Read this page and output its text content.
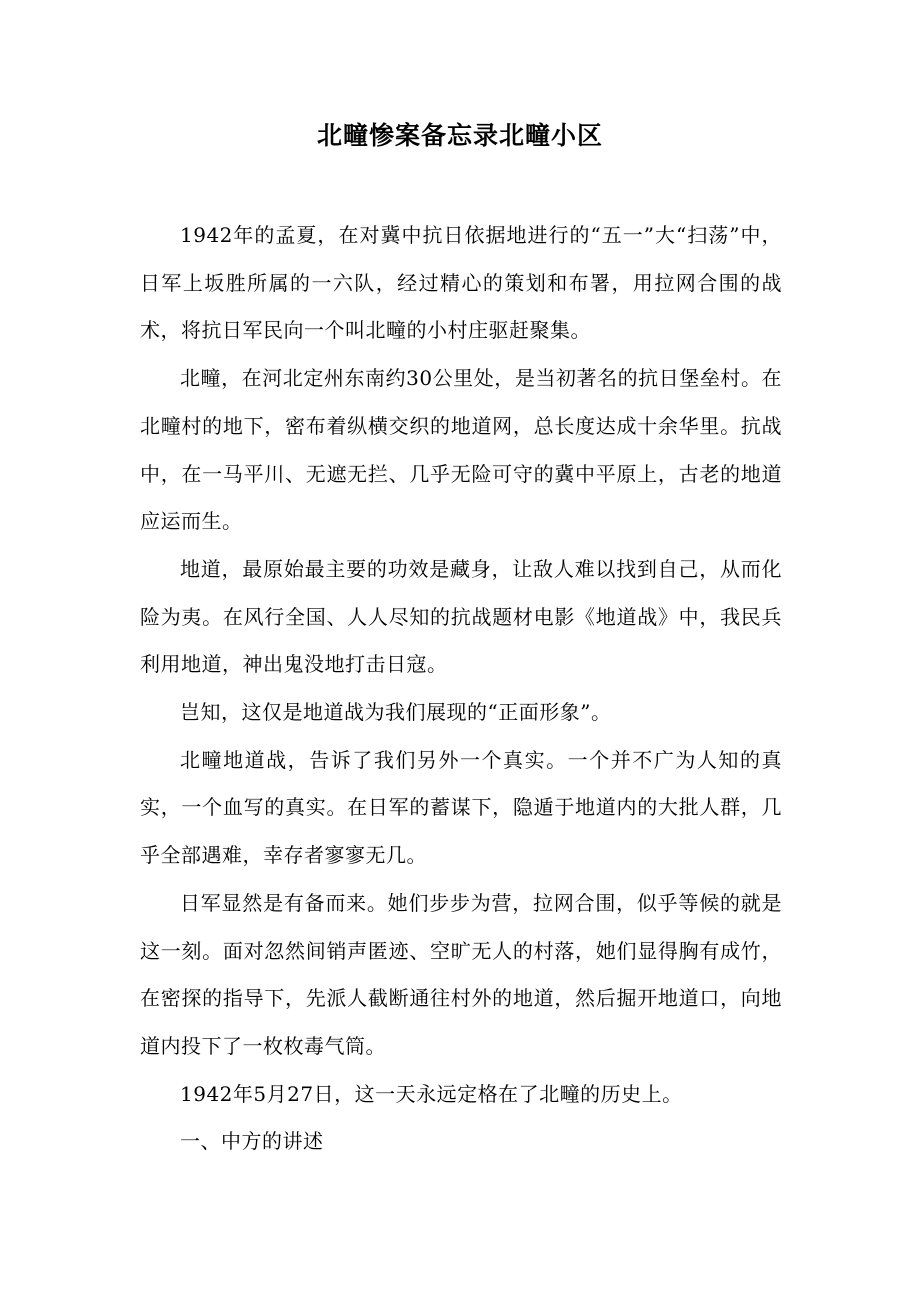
北疃惨案备忘录北疃小区

1942年的孟夏，在对冀中抗日依据地进行的“五一”大“扫荡”中，日军上坂胜所属的一六队，经过精心的策划和布署，用拉网合围的战术，将抗日军民向一个叫北疃的小村庄驱赶聚集。

北疃，在河北定州东南约30公里处，是当初著名的抗日堡垒村。在北疃村的地下，密布着纵横交织的地道网，总长度达成十余华里。抗战中，在一马平川、无遮无拦、几乎无险可守的冀中平原上，古老的地道应运而生。

地道，最原始最主要的功效是藏身，让敌人难以找到自己，从而化险为夷。在风行全国、人人尽知的抗战题材电影《地道战》中，我民兵利用地道，神出鬼没地打击日寇。

岂知，这仅是地道战为我们展现的“正面形象”。

北疃地道战，告诉了我们另外一个真实。一个并不广为人知的真实，一个血写的真实。在日军的蓄谋下，隐遁于地道内的大批人群，几乎全部遇难，幸存者寥寥无几。

日军显然是有备而来。她们步步为营，拉网合围，似乎等候的就是这一刻。面对忽然间销声匿迹、空旷无人的村落，她们显得胸有成竹，在密探的指导下，先派人截断通往村外的地道，然后掘开地道口，向地道内投下了一枚枚毒气筒。

1942年5月27日，这一天永远定格在了北疃的历史上。

一、中方的讲述
